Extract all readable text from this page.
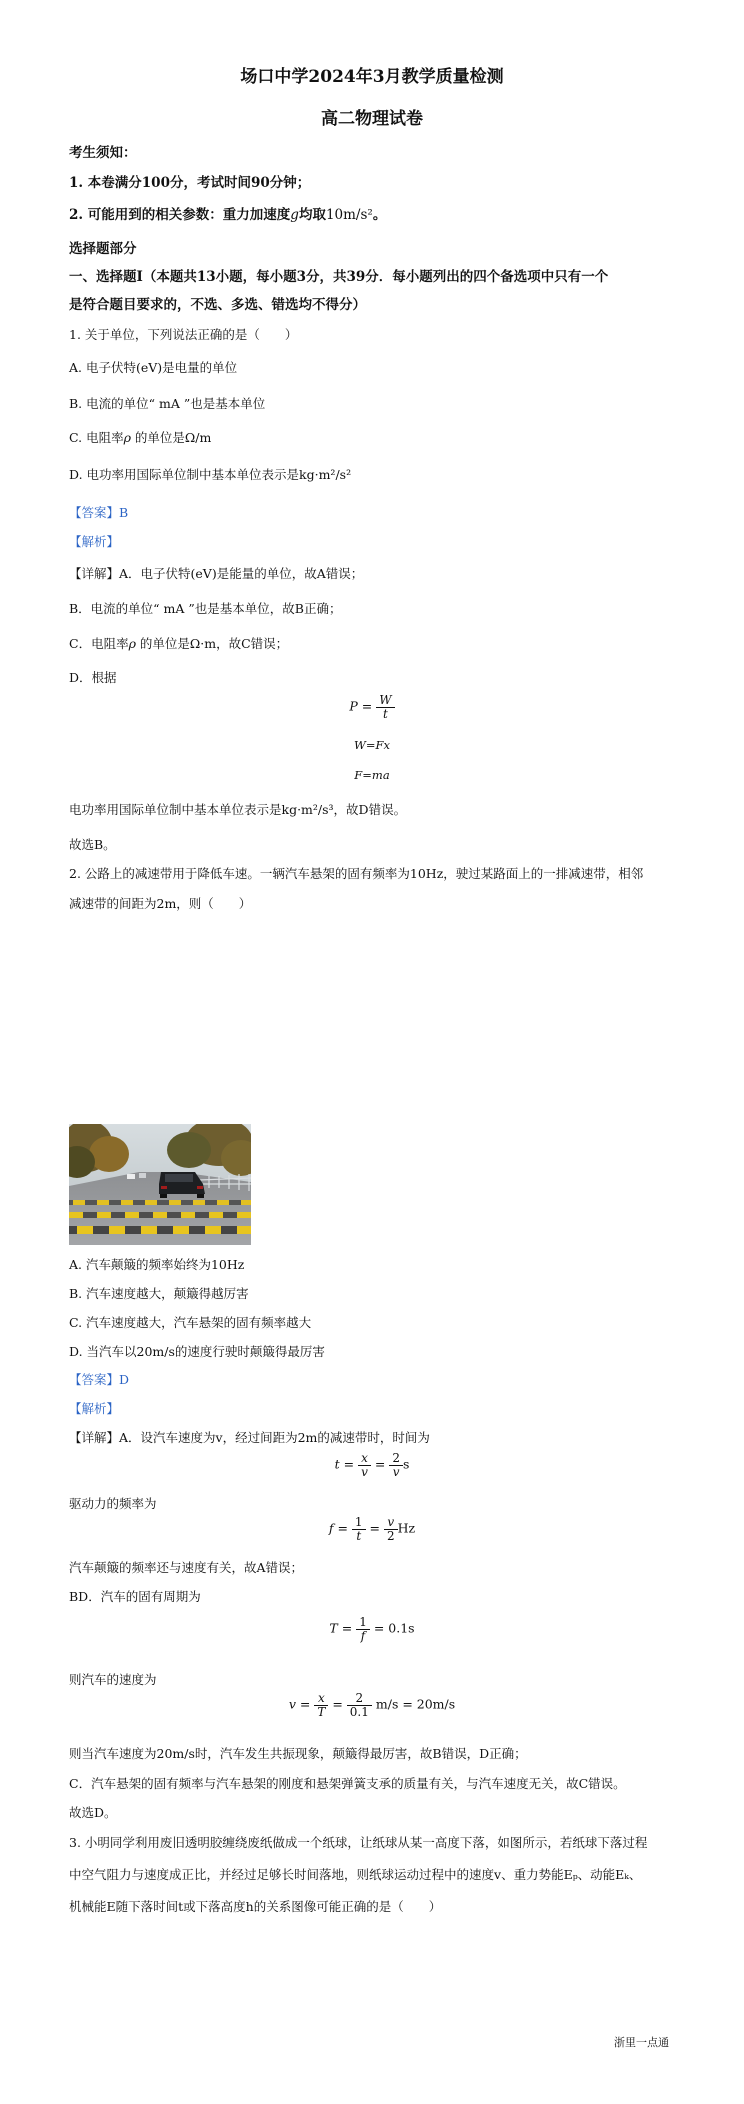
场口中学2024年3月教学质量检测
高二物理试卷
考生须知：
1. 本卷满分100分，考试时间90分钟；
2. 可能用到的相关参数：重力加速度g均取10m/s²。
选择题部分
一、选择题Ⅰ（本题共13小题，每小题3分，共39分．每小题列出的四个备选项中只有一个
是符合题目要求的，不选、多选、错选均不得分）
1. 关于单位，下列说法正确的是（　　）
A. 电子伏特(eV)是电量的单位
B. 电流的单位“ mA ”也是基本单位
C. 电阻率ρ 的单位是Ω/m
D. 电功率用国际单位制中基本单位表示是kg·m²/s²
【答案】B
【解析】
【详解】A．电子伏特(eV)是能量的单位，故A错误；
B．电流的单位“ mA ”也是基本单位，故B正确；
C．电阻率ρ 的单位是Ω·m，故C错误；
D．根据
$P = \frac{W}{t}$
W=Fx
F=ma
电功率用国际单位制中基本单位表示是kg·m²/s³，故D错误。
故选B。
2. 公路上的减速带用于降低车速。一辆汽车悬架的固有频率为10Hz，驶过某路面上的一排减速带，相邻
减速带的间距为2m，则（　　）
A. 汽车颠簸的频率始终为10Hz
B. 汽车速度越大，颠簸得越厉害
C. 汽车速度越大，汽车悬架的固有频率越大
D. 当汽车以20m/s的速度行驶时颠簸得最厉害
【答案】D
【解析】
【详解】A．设汽车速度为v，经过间距为2m的减速带时，时间为
$t = \frac{x}{v} = \frac{2}{v}$ s
驱动力的频率为
$f = \frac{1}{t} = \frac{v}{2}$ Hz
汽车颠簸的频率还与速度有关，故A错误；
BD．汽车的固有周期为
$T = \frac{1}{f} = 0.1s$
则汽车的速度为
$v = \frac{x}{T} = \frac{2}{0.1} m/s = 20m/s$
则当汽车速度为20m/s时，汽车发生共振现象，颠簸得最厉害，故B错误，D正确；
C．汽车悬架的固有频率与汽车悬架的刚度和悬架弹簧支承的质量有关，与汽车速度无关，故C错误。
故选D。
3. 小明同学利用废旧透明胶缠绕废纸做成一个纸球，让纸球从某一高度下落，如图所示，若纸球下落过程
中空气阻力与速度成正比，并经过足够长时间落地，则纸球运动过程中的速度v、重力势能Eₚ、动能Eₖ、
机械能E随下落时间t或下落高度h的关系图像可能正确的是（　　）
浙里一点通
